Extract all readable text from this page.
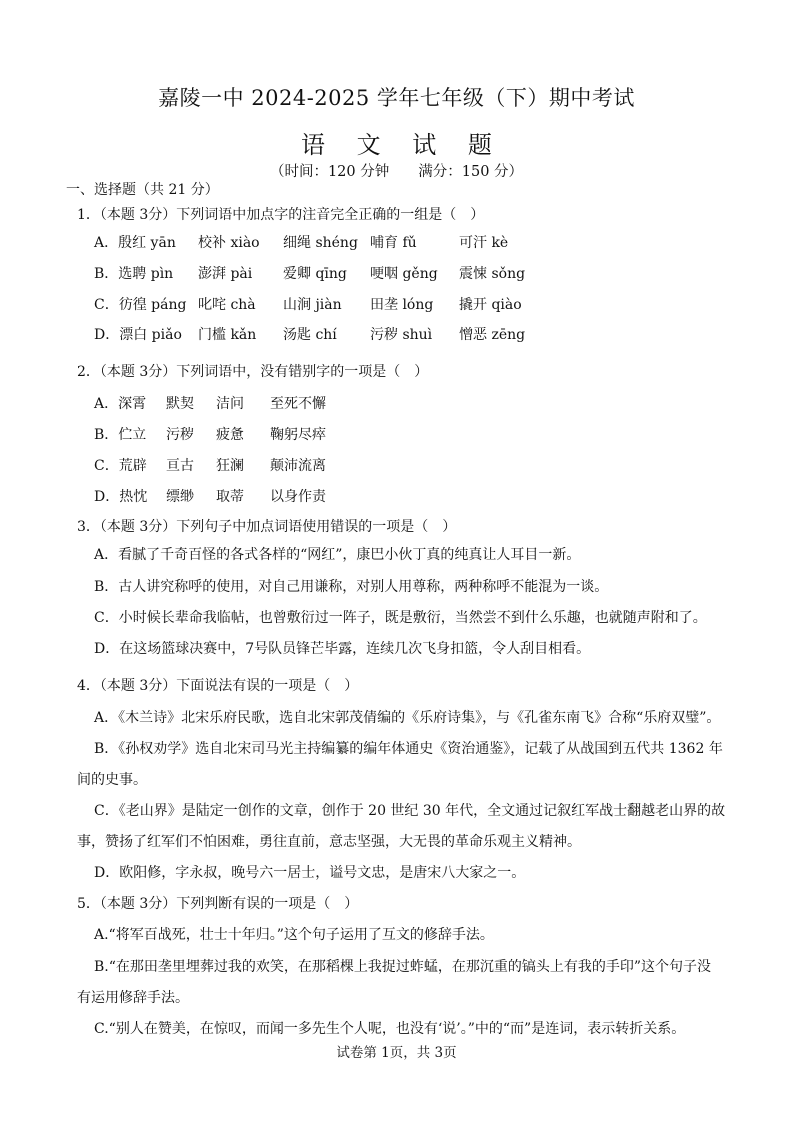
嘉陵一中 2024-2025 学年七年级（下）期中考试
语 文 试 题
（时间：120 分钟　　满分：150 分）
一、选择题（共 21 分）
1．（本题 3分）下列词语中加点字的注音完全正确的一组是（　）
A．殷红 yān 校补 xiào 细绳 shéng 哺育 fǔ	可汗 kè
B．选聘 pìn 澎湃 pài 爱卿 qīng 哽咽 gěng 震悚 sǒng
C．彷徨 páng 叱咤 chà 山涧 jiàn 田垄 lóng 撬开 qiào
D．漂白 piǎo 门槛 kǎn 汤匙 chí 污秽 shuì 憎恶 zēng
2．（本题 3分）下列词语中，没有错别字的一项是（　）
A．深霄 默契 洁问 至死不懈
B．伫立 污秽 疲惫 鞠躬尽瘁
C．荒辟 亘古 狂澜 颠沛流离
D．热忱 缥缈 取蒂 以身作责
3．（本题 3分）下列句子中加点词语使用错误的一项是（　）
A．看腻了千奇百怪的各式各样的“网红”，康巴小伙丁真的纯真让人耳目一新。
B．古人讲究称呼的使用，对自己用谦称，对别人用尊称，两种称呼不能混为一谈。
C．小时候长辈命我临帖，也曾敷衍过一阵子，既是敷衍，当然尝不到什么乐趣，也就随声附和了。
D．在这场篮球决赛中，7号队员锋芒毕露，连续几次飞身扣篮，令人刮目相看。
4．（本题 3分）下面说法有误的一项是（　）
A．《木兰诗》北宋乐府民歌，选自北宋郭茂倩编的《乐府诗集》，与《孔雀东南飞》合称“乐府双璧”。
B．《孙权劝学》选自北宋司马光主持编纂的编年体通史《资治通鉴》，记载了从战国到五代共 1362 年
间的史事。
C．《老山界》是陆定一创作的文章，创作于 20 世纪 30 年代，全文通过记叙红军战士翻越老山界的故
事，赞扬了红军们不怕困难，勇往直前，意志坚强，大无畏的革命乐观主义精神。
D．欧阳修，字永叔，晚号六一居士，谥号文忠，是唐宋八大家之一。
5．（本题 3分）下列判断有误的一项是（　）
A.“将军百战死，壮士十年归。”这个句子运用了互文的修辞手法。
B.“在那田垄里埋葬过我的欢笑，在那稻棵上我捉过蚱蜢，在那沉重的镐头上有我的手印”这个句子没
有运用修辞手法。
C.“别人在赞美，在惊叹，而闻一多先生个人呢，也没有‘说’。”中的“而”是连词，表示转折关系。
试卷第 1页，共 3页
